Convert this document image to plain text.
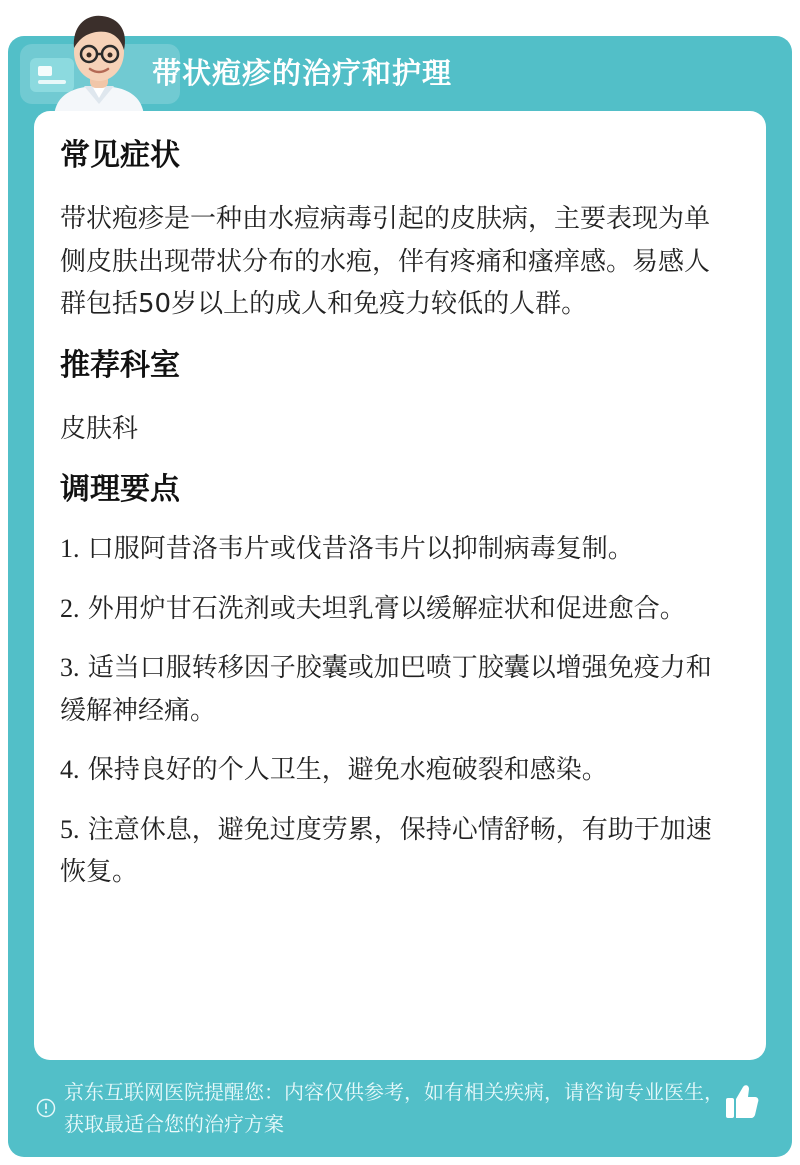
带状疱疹的治疗和护理
常见症状

带状疱疹是一种由水痘病毒引起的皮肤病，主要表现为单侧皮肤出现带状分布的水疱，伴有疼痛和瘙痒感。易感人群包括50岁以上的成人和免疫力较低的人群。

推荐科室

皮肤科

调理要点

1. 口服阿昔洛韦片或伐昔洛韦片以抑制病毒复制。

2. 外用炉甘石洗剂或夫坦乳膏以缓解症状和促进愈合。

3. 适当口服转移因子胶囊或加巴喷丁胶囊以增强免疫力和缓解神经痛。

4. 保持良好的个人卫生，避免水疱破裂和感染。

5. 注意休息，避免过度劳累，保持心情舒畅，有助于加速恢复。

京东互联网医院提醒您：内容仅供参考，如有相关疾病，请咨询专业医生，获取最适合您的治疗方案
